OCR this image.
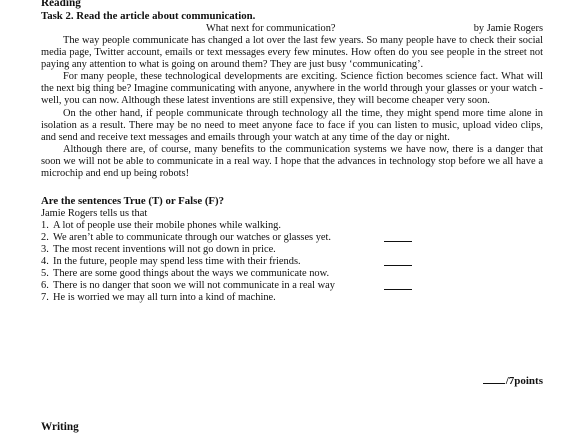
Reading
Task 2. Read the article about communication.
What next for communication?	by Jamie Rogers

The way people communicate has changed a lot over the last few years. So many people have to check their social media page, Twitter account, emails or text messages every few minutes. How often do you see people in the street not paying any attention to what is going on around them? They are just busy ‘communicating’.

For many people, these technological developments are exciting. Science fiction becomes science fact. What will the next big thing be? Imagine communicating with anyone, anywhere in the world through your glasses or your watch - well, you can now. Although these latest inventions are still expensive, they will become cheaper very soon.

On the other hand, if people communicate through technology all the time, they might spend more time alone in isolation as a result. There may be no need to meet anyone face to face if you can listen to music, upload video clips, and send and receive text messages and emails through your watch at any time of the day or night.

Although there are, of course, many benefits to the communication systems we have now, there is a danger that soon we will not be able to communicate in a real way. I hope that the advances in technology stop before we all have a microchip and end up being robots!

Are the sentences True (T) or False (F)?

Jamie Rogers tells us that

1. A lot of people use their mobile phones while walking.
2. We aren’t able to communicate through our watches or glasses yet.
3. The most recent inventions will not go down in price.
4. In the future, people may spend less time with their friends.
5. There are some good things about the ways we communicate now.
6. There is no danger that soon we will not communicate in a real way
7. He is worried we may all turn into a kind of machine.
/7points
Writing
